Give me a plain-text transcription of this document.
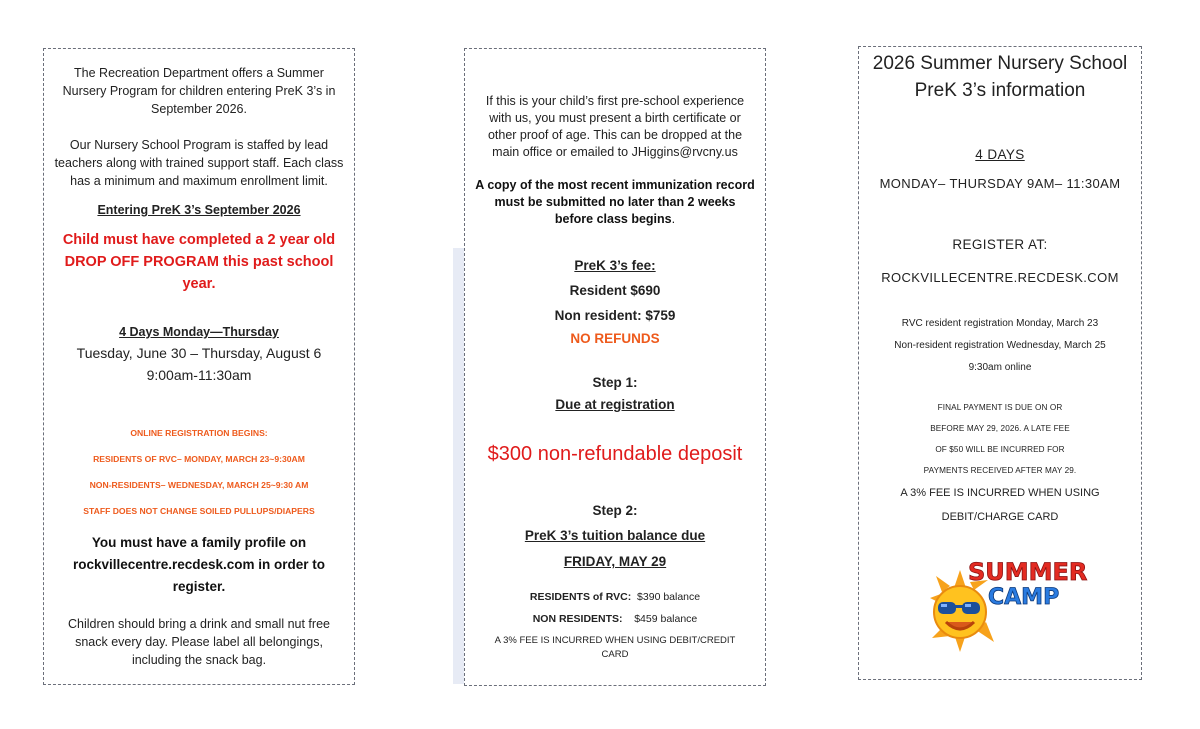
The Recreation Department offers a Summer Nursery Program for children entering PreK 3’s in September 2026.

Our Nursery School Program is staffed by lead teachers along with trained support staff. Each class has a minimum and maximum enrollment limit.

Entering PreK 3’s September 2026

Child must have completed a 2 year old DROP OFF PROGRAM this past school year.

4 Days Monday—Thursday

Tuesday, June 30 – Thursday, August 6

9:00am-11:30am

ONLINE REGISTRATION BEGINS:

RESIDENTS OF RVC– MONDAY, MARCH 23~9:30AM

NON-RESIDENTS– WEDNESDAY, MARCH 25~9:30 AM

STAFF DOES NOT CHANGE SOILED PULLUPS/DIAPERS

You must have a family profile on rockvillecentre.recdesk.com in order to register.

Children should bring a drink and small nut free snack every day. Please label all belongings, including the snack bag.

If this is your child’s first pre-school experience with us, you must present a birth certificate or other proof of age. This can be dropped at the main office or emailed to JHiggins@rvcny.us

A copy of the most recent immunization record must be submitted no later than 2 weeks before class begins.

PreK 3’s fee:

Resident $690

Non resident: $759

NO REFUNDS

Step 1:

Due at registration

$300 non-refundable deposit

Step 2:

PreK 3’s tuition balance due

FRIDAY, MAY 29

RESIDENTS of RVC: $390 balance

NON RESIDENTS: $459 balance

A 3% FEE IS INCURRED WHEN USING DEBIT/CREDIT CARD

2026 Summer Nursery School PreK 3’s information

4 DAYS

MONDAY– THURSDAY 9AM– 11:30AM

REGISTER AT:

ROCKVILLECENTRE.RECDESK.COM

RVC resident registration Monday, March 23

Non-resident registration Wednesday, March 25

9:30am online

FINAL PAYMENT IS DUE ON OR

BEFORE MAY 29, 2026. A LATE FEE

OF $50 WILL BE INCURRED FOR

PAYMENTS RECEIVED AFTER MAY 29.

A 3% FEE IS INCURRED WHEN USING

DEBIT/CHARGE CARD

SUMMER
CAMP
